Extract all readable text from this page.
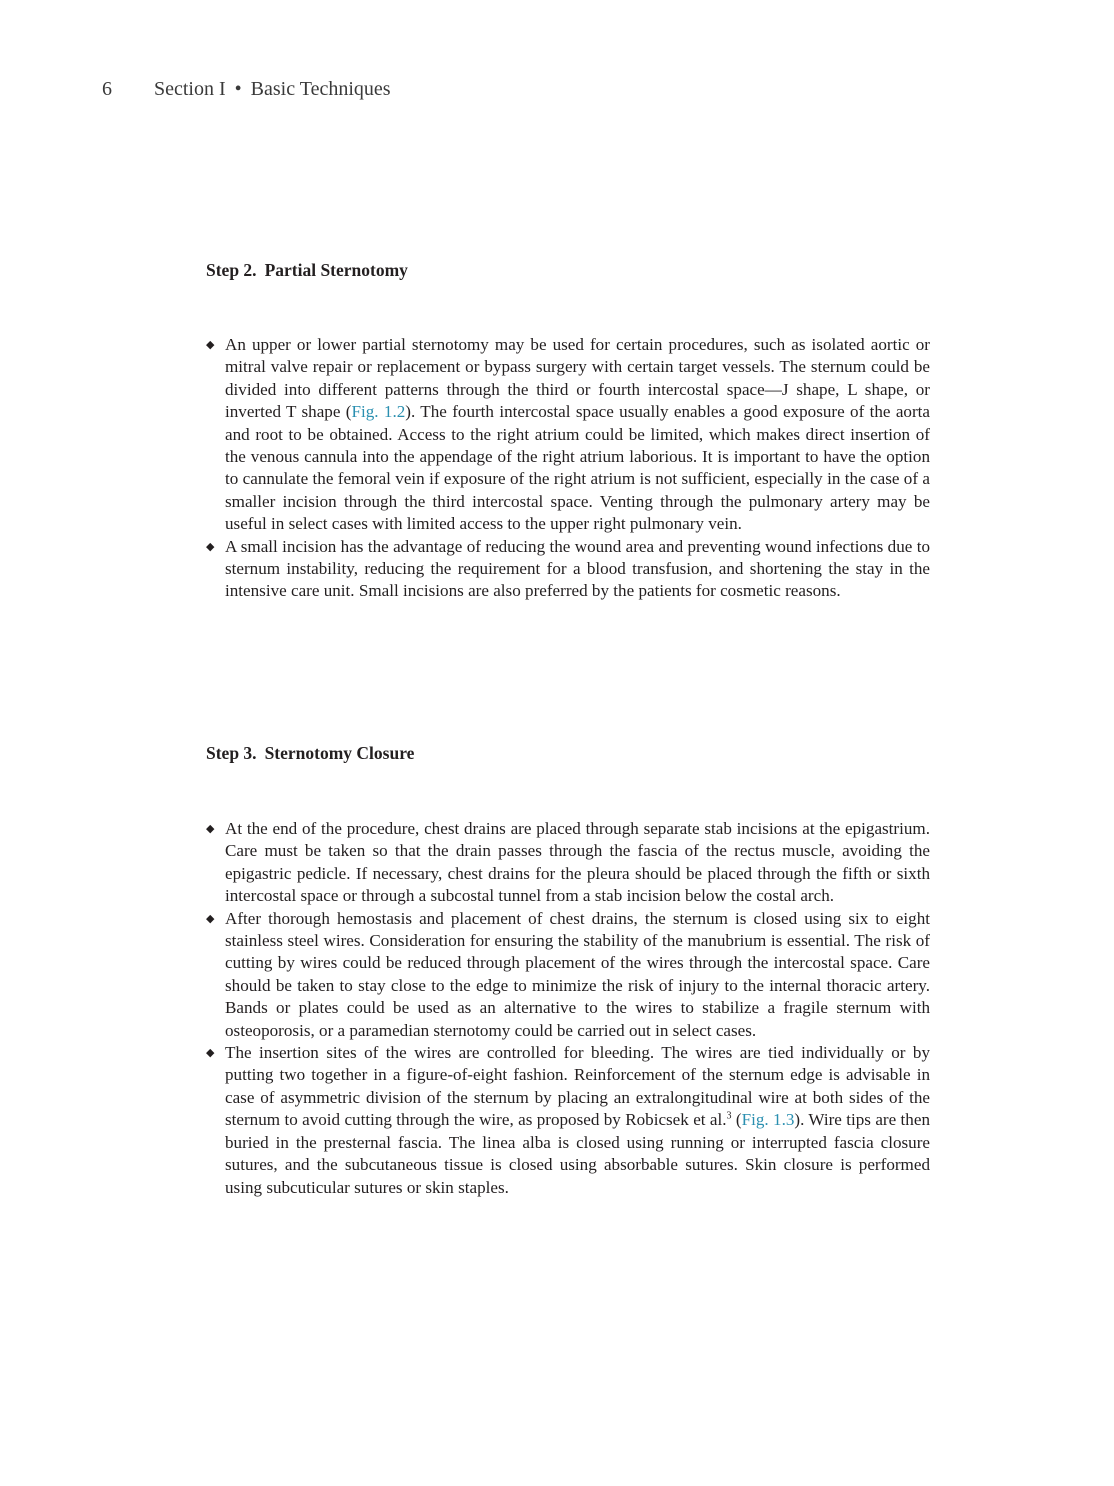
6 Section I • Basic Techniques
Step 2. Partial Sternotomy
◆ An upper or lower partial sternotomy may be used for certain procedures, such as isolated aortic or mitral valve repair or replacement or bypass surgery with certain target vessels. The sternum could be divided into different patterns through the third or fourth intercostal space—J shape, L shape, or inverted T shape (Fig. 1.2). The fourth intercostal space usually enables a good exposure of the aorta and root to be obtained. Access to the right atrium could be limited, which makes direct insertion of the venous cannula into the appendage of the right atrium laborious. It is important to have the option to cannulate the femoral vein if exposure of the right atrium is not sufficient, especially in the case of a smaller incision through the third intercostal space. Venting through the pulmonary artery may be useful in select cases with limited access to the upper right pulmonary vein.
◆ A small incision has the advantage of reducing the wound area and preventing wound infections due to sternum instability, reducing the requirement for a blood transfusion, and shortening the stay in the intensive care unit. Small incisions are also preferred by the patients for cosmetic reasons.
Step 3. Sternotomy Closure
◆ At the end of the procedure, chest drains are placed through separate stab incisions at the epigastrium. Care must be taken so that the drain passes through the fascia of the rectus muscle, avoiding the epigastric pedicle. If necessary, chest drains for the pleura should be placed through the fifth or sixth intercostal space or through a subcostal tunnel from a stab incision below the costal arch.
◆ After thorough hemostasis and placement of chest drains, the sternum is closed using six to eight stainless steel wires. Consideration for ensuring the stability of the manubrium is essential. The risk of cutting by wires could be reduced through placement of the wires through the intercostal space. Care should be taken to stay close to the edge to minimize the risk of injury to the internal thoracic artery. Bands or plates could be used as an alternative to the wires to stabilize a fragile sternum with osteoporosis, or a paramedian sternotomy could be carried out in select cases.
◆ The insertion sites of the wires are controlled for bleeding. The wires are tied individually or by putting two together in a figure-of-eight fashion. Reinforcement of the sternum edge is advisable in case of asymmetric division of the sternum by placing an extralongitudinal wire at both sides of the sternum to avoid cutting through the wire, as proposed by Robicsek et al.$^3$ (Fig. 1.3). Wire tips are then buried in the presternal fascia. The linea alba is closed using running or interrupted fascia closure sutures, and the subcutaneous tissue is closed using absorbable sutures. Skin closure is performed using subcuticular sutures or skin staples.
